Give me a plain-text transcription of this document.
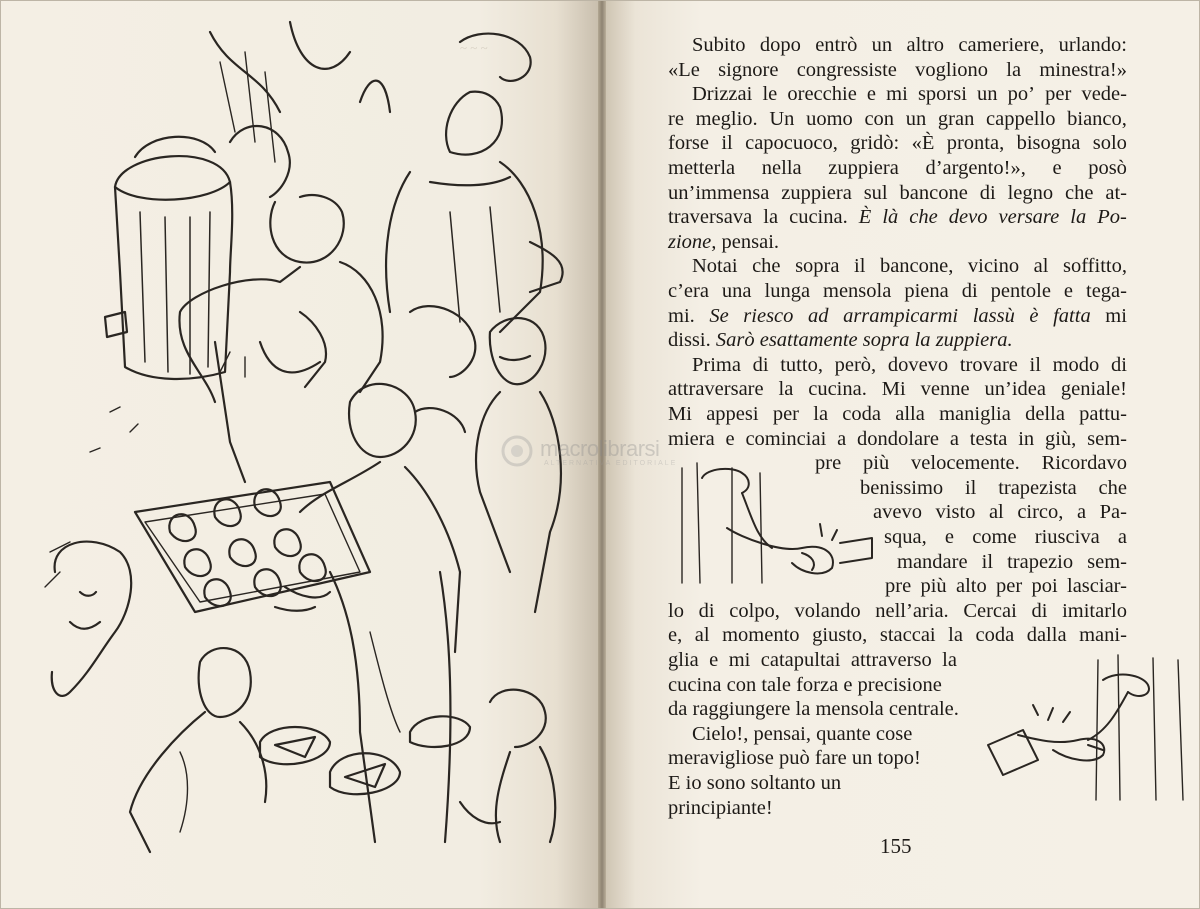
~ ~ ~
macrolibrarsi
ALTERNATIVA EDITORIALE
Subito dopo entrò un altro cameriere, urlando:
«Le signore congressiste vogliono la minestra!»
Drizzai le orecchie e mi sporsi un po’ per vede-
re meglio. Un uomo con un gran cappello bianco,
forse il capocuoco, gridò: «È pronta, bisogna solo
metterla nella zuppiera d’argento!», e posò
un’immensa zuppiera sul bancone di legno che at-
traversava la cucina. È là che devo versare la Po-
zione, pensai.
Notai che sopra il bancone, vicino al soffitto,
c’era una lunga mensola piena di pentole e tega-
mi. Se riesco ad arrampicarmi lassù è fatta mi
dissi. Sarò esattamente sopra la zuppiera.
Prima di tutto, però, dovevo trovare il modo di
attraversare la cucina. Mi venne un’idea geniale!
Mi appesi per la coda alla maniglia della pattu-
miera e cominciai a dondolare a testa in giù, sem-
pre più velocemente. Ricordavo
benissimo il trapezista che
avevo visto al circo, a Pa-
squa, e come riusciva a
mandare il trapezio sem-
pre più alto per poi lasciar-
lo di colpo, volando nell’aria. Cercai di imitarlo
e, al momento giusto, staccai la coda dalla mani-
glia e mi catapultai attraverso la
cucina con tale forza e precisione
da raggiungere la mensola centrale.
Cielo!, pensai, quante cose
meravigliose può fare un topo!
E io sono soltanto un
principiante!
155
